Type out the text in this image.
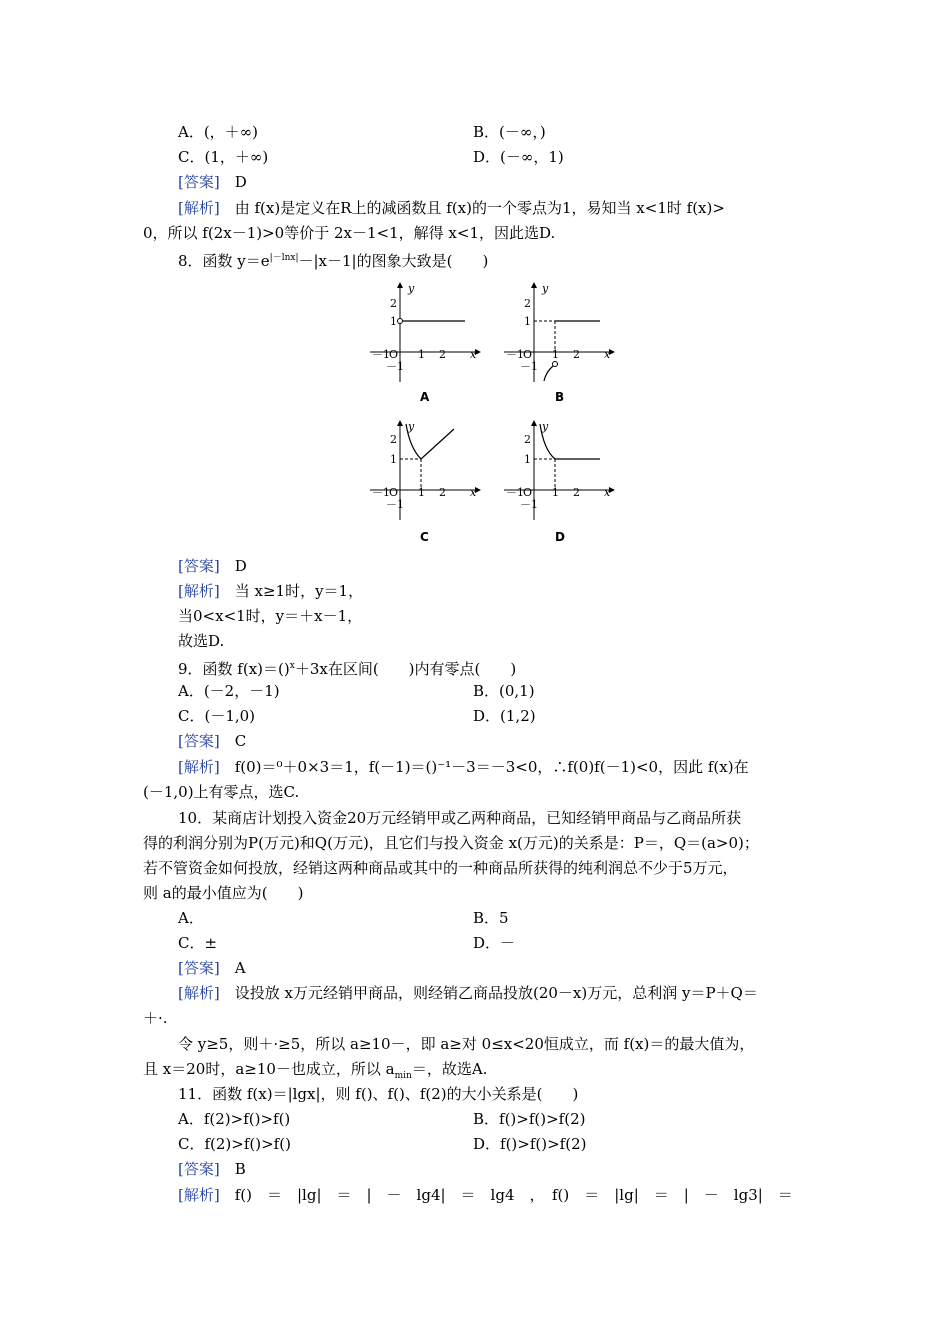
A．(，＋∞)	B．(－∞，)
C．(1，＋∞)	D．(－∞，1)
[答案]　 D
[解析]　 由 f(x)是定义在R上的减函数且 f(x)的一个零点为1，易知当 x<1时 f(x)>
0，所以 f(2x－1)>0等价于 2x－1<1，解得 x<1，因此选D.
8．函数 $y=e^{|-lnx|}-|x-1|$的图象大致是(　　)
y
x
O
2
1
－1
－1	1 2
y
x
O
2
1
－1
－1	1 2
y
x
O
2
1
－1
－1	1 2
y
x
O
2
1
－1
－1	1 2
A	B
C	D
[答案]　 D
[解析]　 当 x≥1时，y＝1，
当0<x<1时，y＝＋x－1，
故选D.
9．函数 f(x)＝()$^x$＋3x在区间(　　)内有零点(　　)
A．(－2，－1)	B．(0,1)
C．(－1,0)	D．(1,2)
[答案]　 C
[解析]　 f(0)＝⁰＋0×3＝1，f(－1)＝()⁻¹－3＝－3<0，∴f(0)f(－1)<0，因此 f(x)在
(－1,0)上有零点，选C.
10．某商店计划投入资金20万元经销甲或乙两种商品，已知经销甲商品与乙商品所获
得的利润分别为P(万元)和Q(万元)，且它们与投入资金 x(万元)的关系是：P＝，Q＝(a>0)；
若不管资金如何投放，经销这两种商品或其中的一种商品所获得的纯利润总不少于5万元，
则 a的最小值应为(　　)
A．	B．5
C．±	D．－
[答案]　 A
[解析]　 设投放 x万元经销甲商品，则经销乙商品投放(20－x)万元，总利润 y＝P＋Q＝
＋·.
令 y≥5，则＋·≥5，所以 a≥10－，即 a≥对 0≤x<20恒成立，而 f(x)＝的最大值为，
且 x＝20时，a≥10－也成立，所以 $a_{min}=$，故选A.
11．函数 f(x)＝|lgx|，则 f()、f()、f(2)的大小关系是(　　)
A．f(2)>f()>f()	B．f()>f()>f(2)
C．f(2)>f()>f()	D．f()>f()>f(2)
[答案]　 B
[解析]　 f()　＝　|lg|　＝　|　－　lg4|　＝　lg4　，　f()　＝　|lg|　＝　|　－　lg3|　＝
